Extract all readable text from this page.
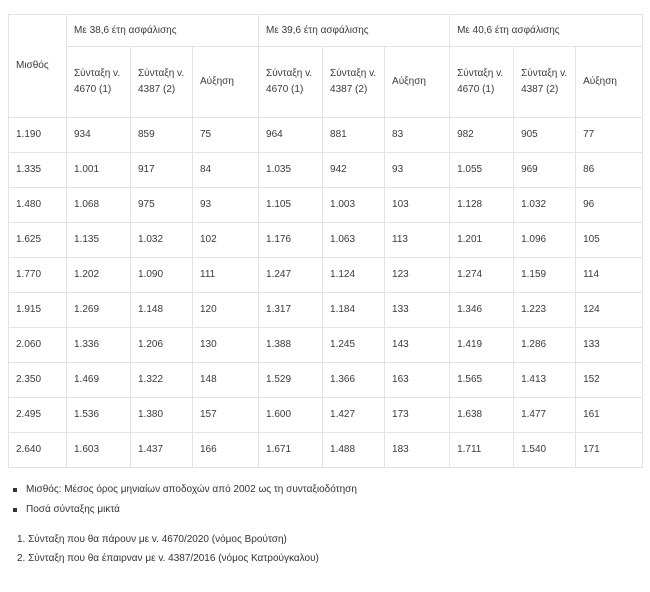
Μισθός	Με 38,6 έτη ασφάλισης			Με 39,6 έτη ασφάλισης			Με 40,6 έτη ασφάλισης		
	Σύνταξη v. 4670 (1)	Σύνταξη v. 4387 (2)	Αύξηση	Σύνταξη v. 4670 (1)	Σύνταξη v. 4387 (2)	Αύξηση	Σύνταξη v. 4670 (1)	Σύνταξη v. 4387 (2)	Αύξηση
1.190	934	859	75	964	881	83	982	905	77
1.335	1.001	917	84	1.035	942	93	1.055	969	86
1.480	1.068	975	93	1.105	1.003	103	1.128	1.032	96
1.625	1.135	1.032	102	1.176	1.063	113	1.201	1.096	105
1.770	1.202	1.090	111	1.247	1.124	123	1.274	1.159	114
1.915	1.269	1.148	120	1.317	1.184	133	1.346	1.223	124
2.060	1.336	1.206	130	1.388	1.245	143	1.419	1.286	133
2.350	1.469	1.322	148	1.529	1.366	163	1.565	1.413	152
2.495	1.536	1.380	157	1.600	1.427	173	1.638	1.477	161
2.640	1.603	1.437	166	1.671	1.488	183	1.711	1.540	171
Μισθός: Μέσος όρος μηνιαίων αποδοχών από 2002 ως τη συνταξιοδότηση
Ποσά σύνταξης μικτά
1. Σύνταξη που θα πάρουν με v. 4670/2020 (νόμος Βρούτση)
2. Σύνταξη που θα έπαιρναν με v. 4387/2016 (νόμος Κατρούγκαλου)
